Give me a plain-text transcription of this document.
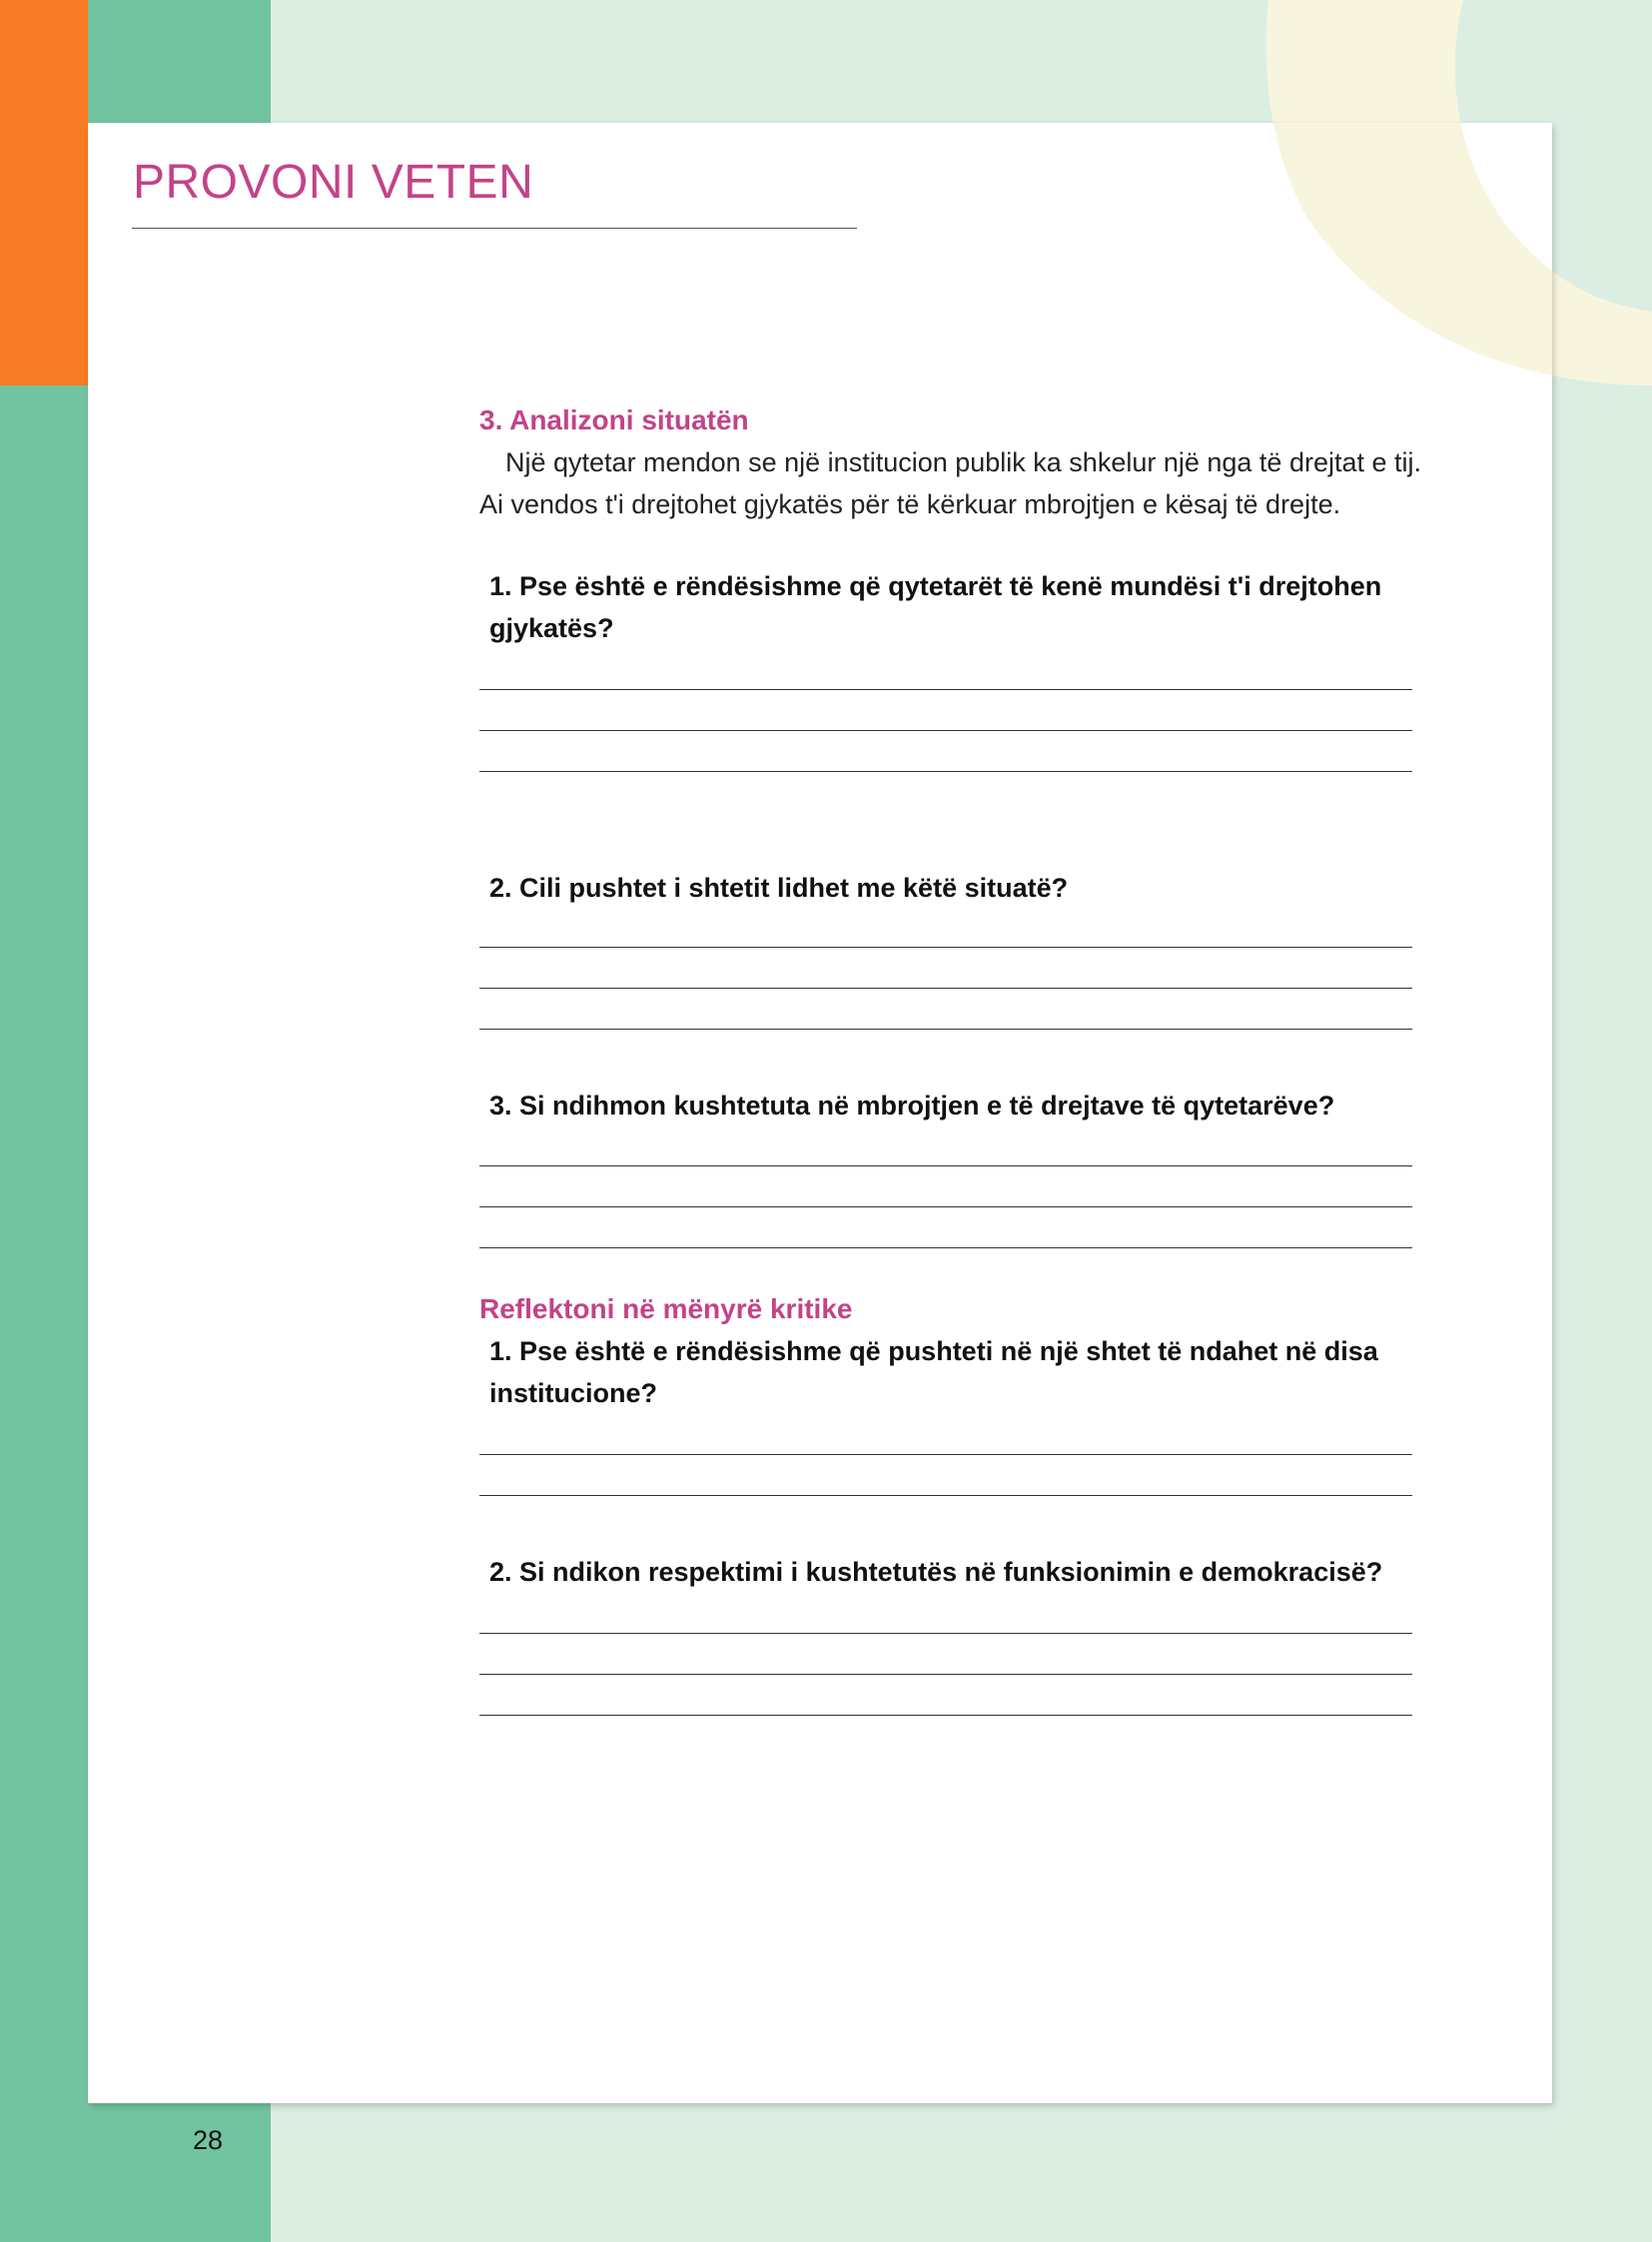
PROVONI VETEN

3. Analizoni situatën

Një qytetar mendon se një institucion publik ka shkelur një nga të drejtat e tij.

Ai vendos t'i drejtohet gjykatës për të kërkuar mbrojtjen e kësaj të drejte.

1. Pse është e rëndësishme që qytetarët të kenë mundësi t'i drejtohen

gjykatës?

2. Cili pushtet i shtetit lidhet me këtë situatë?

3. Si ndihmon kushtetuta në mbrojtjen e të drejtave të qytetarëve?

Reflektoni në mënyrë kritike

1. Pse është e rëndësishme që pushteti në një shtet të ndahet në disa

institucione?

2. Si ndikon respektimi i kushtetutës në funksionimin e demokracisë?

28
